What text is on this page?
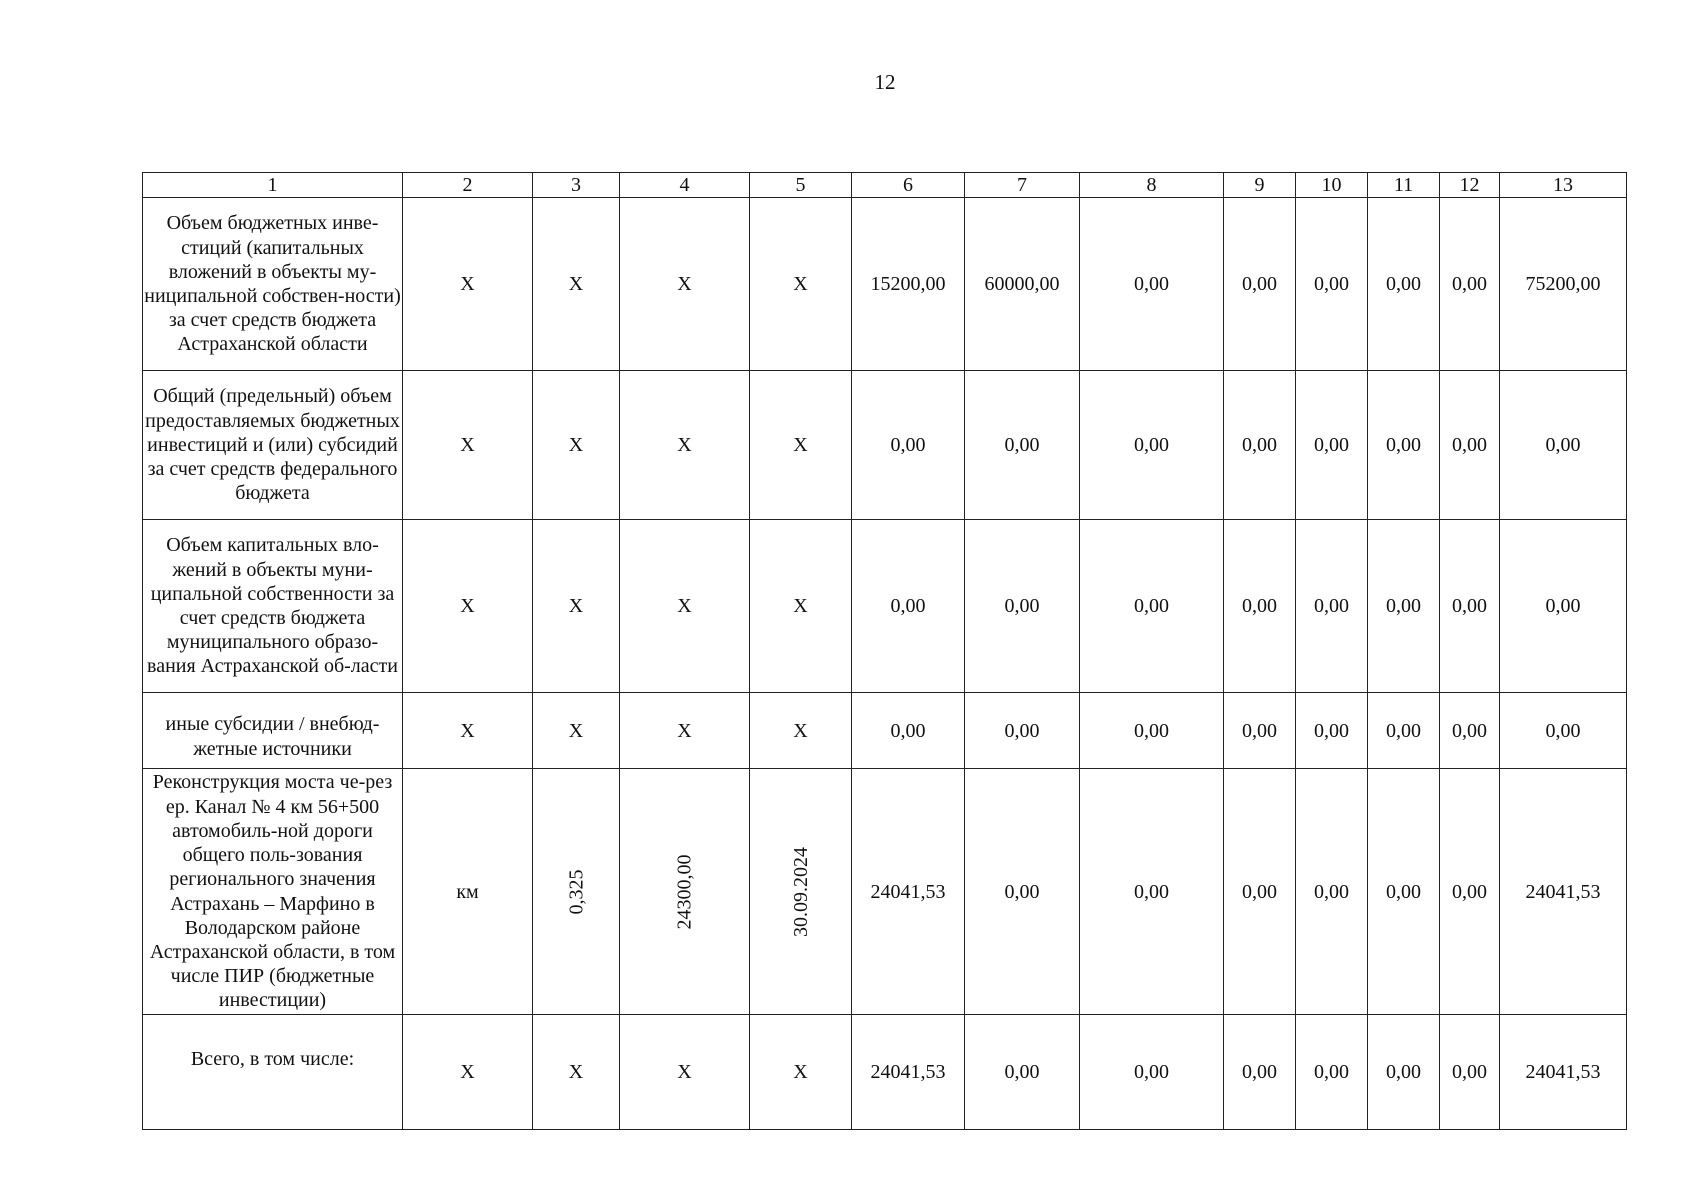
12
1	2	3	4	5	6	7	8	9	10	11	12	13
Объем бюджетных инве-стиций (капитальных вложений в объекты му-ниципальной собствен-ности) за счет средств бюджета Астраханской области	X	X	X	X	15200,00	60000,00	0,00	0,00	0,00	0,00	0,00	75200,00
Общий (предельный) объем предоставляемых бюджетных инвестиций и (или) субсидий за счет средств федерального бюджета	X	X	X	X	0,00	0,00	0,00	0,00	0,00	0,00	0,00	0,00
Объем капитальных вло-жений в объекты муни-ципальной собственности за счет средств бюджета муниципального образо-вания Астраханской об-ласти	X	X	X	X	0,00	0,00	0,00	0,00	0,00	0,00	0,00	0,00
иные субсидии / внебюд-жетные источники	X	X	X	X	0,00	0,00	0,00	0,00	0,00	0,00	0,00	0,00
Реконструкция моста че-рез ер. Канал № 4 км 56+500 автомобиль-ной дороги общего поль-зования регионального значения Астрахань – Марфино в Володарском районе Астраханской области, в том числе ПИР (бюджетные инвестиции)	км	0,325	24300,00	30.09.2024	24041,53	0,00	0,00	0,00	0,00	0,00	0,00	24041,53
Всего, в том числе:	X	X	X	X	24041,53	0,00	0,00	0,00	0,00	0,00	0,00	24041,53
